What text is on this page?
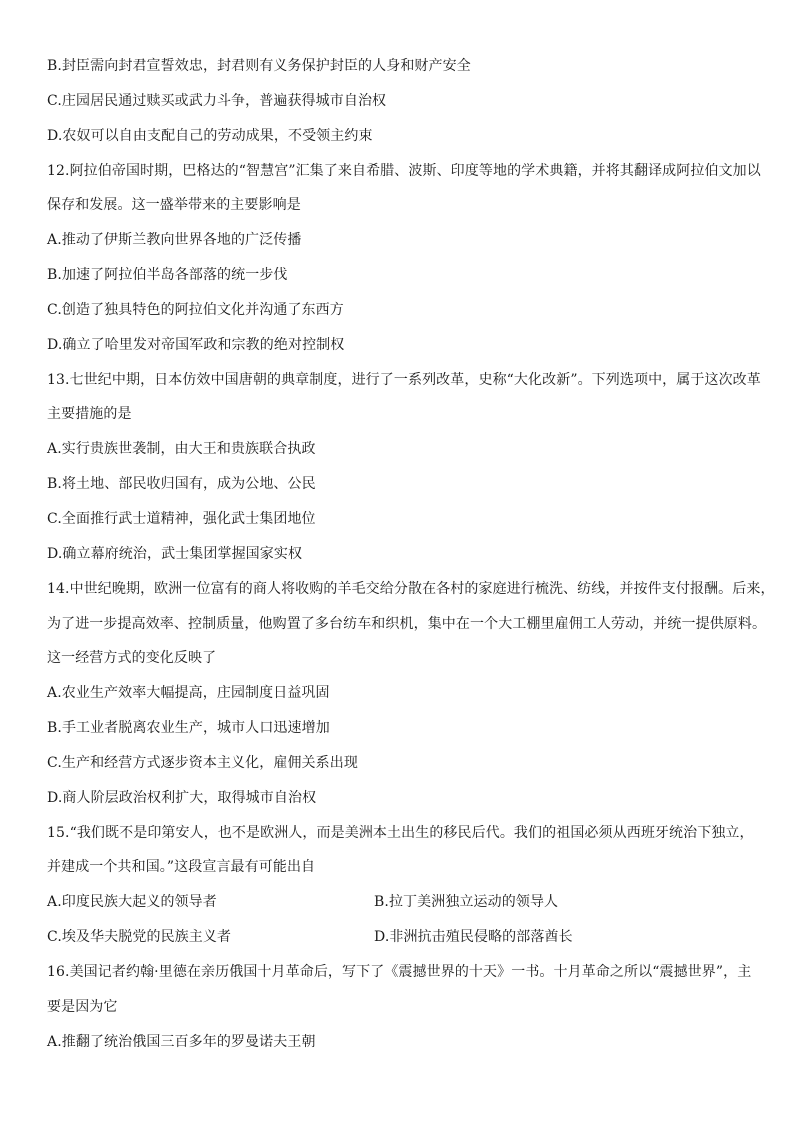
B.封臣需向封君宣誓效忠，封君则有义务保护封臣的人身和财产安全
C.庄园居民通过赎买或武力斗争，普遍获得城市自治权
D.农奴可以自由支配自己的劳动成果，不受领主约束
12.阿拉伯帝国时期，巴格达的“智慧宫”汇集了来自希腊、波斯、印度等地的学术典籍，并将其翻译成阿拉伯文加以
保存和发展。这一盛举带来的主要影响是
A.推动了伊斯兰教向世界各地的广泛传播
B.加速了阿拉伯半岛各部落的统一步伐
C.创造了独具特色的阿拉伯文化并沟通了东西方
D.确立了哈里发对帝国军政和宗教的绝对控制权
13.七世纪中期，日本仿效中国唐朝的典章制度，进行了一系列改革，史称“大化改新”。下列选项中，属于这次改革
主要措施的是
A.实行贵族世袭制，由大王和贵族联合执政
B.将土地、部民收归国有，成为公地、公民
C.全面推行武士道精神，强化武士集团地位
D.确立幕府统治，武士集团掌握国家实权
14.中世纪晚期，欧洲一位富有的商人将收购的羊毛交给分散在各村的家庭进行梳洗、纺线，并按件支付报酬。后来，
为了进一步提高效率、控制质量，他购置了多台纺车和织机，集中在一个大工棚里雇佣工人劳动，并统一提供原料。
这一经营方式的变化反映了
A.农业生产效率大幅提高，庄园制度日益巩固
B.手工业者脱离农业生产，城市人口迅速增加
C.生产和经营方式逐步资本主义化，雇佣关系出现
D.商人阶层政治权利扩大，取得城市自治权
15.“我们既不是印第安人，也不是欧洲人，而是美洲本土出生的移民后代。我们的祖国必须从西班牙统治下独立，
并建成一个共和国。”这段宣言最有可能出自
A.印度民族大起义的领导者	B.拉丁美洲独立运动的领导人
C.埃及华夫脱党的民族主义者	D.非洲抗击殖民侵略的部落酋长
16.美国记者约翰·里德在亲历俄国十月革命后，写下了《震撼世界的十天》一书。十月革命之所以“震撼世界”，主
要是因为它
A.推翻了统治俄国三百多年的罗曼诺夫王朝
